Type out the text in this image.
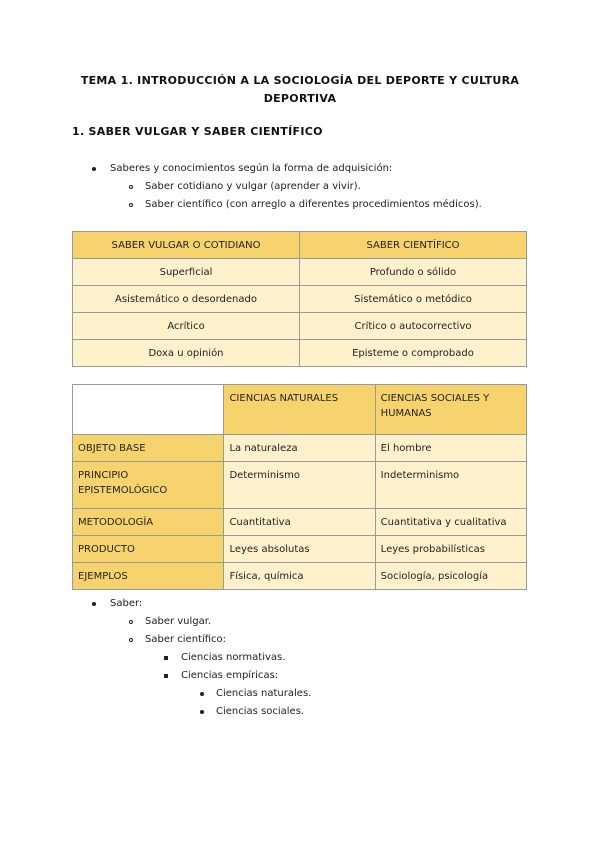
TEMA 1. INTRODUCCIÓN A LA SOCIOLOGÍA DEL DEPORTE Y CULTURA
DEPORTIVA
1. SABER VULGAR Y SABER CIENTÍFICO
Saberes y conocimientos según la forma de adquisición:
Saber cotidiano y vulgar (aprender a vivir).
Saber científico (con arreglo a diferentes procedimientos médicos).
SABER VULGAR O COTIDIANO	SABER CIENTÍFICO
Superficial	Profundo o sólido
Asistemático o desordenado	Sistemático o metódico
Acrítico	Crítico o autocorrectivo
Doxa u opinión	Episteme o comprobado
	CIENCIAS NATURALES	CIENCIAS SOCIALES Y HUMANAS
OBJETO BASE	La naturaleza	El hombre
PRINCIPIO EPISTEMOLÓGICO	Determinismo	Indeterminismo
METODOLOGÍA	Cuantitativa	Cuantitativa y cualitativa
PRODUCTO	Leyes absolutas	Leyes probabilísticas
EJEMPLOS	Física, química	Sociología, psicología
Saber:
Saber vulgar.
Saber científico:
Ciencias normativas.
Ciencias empíricas:
Ciencias naturales.
Ciencias sociales.
